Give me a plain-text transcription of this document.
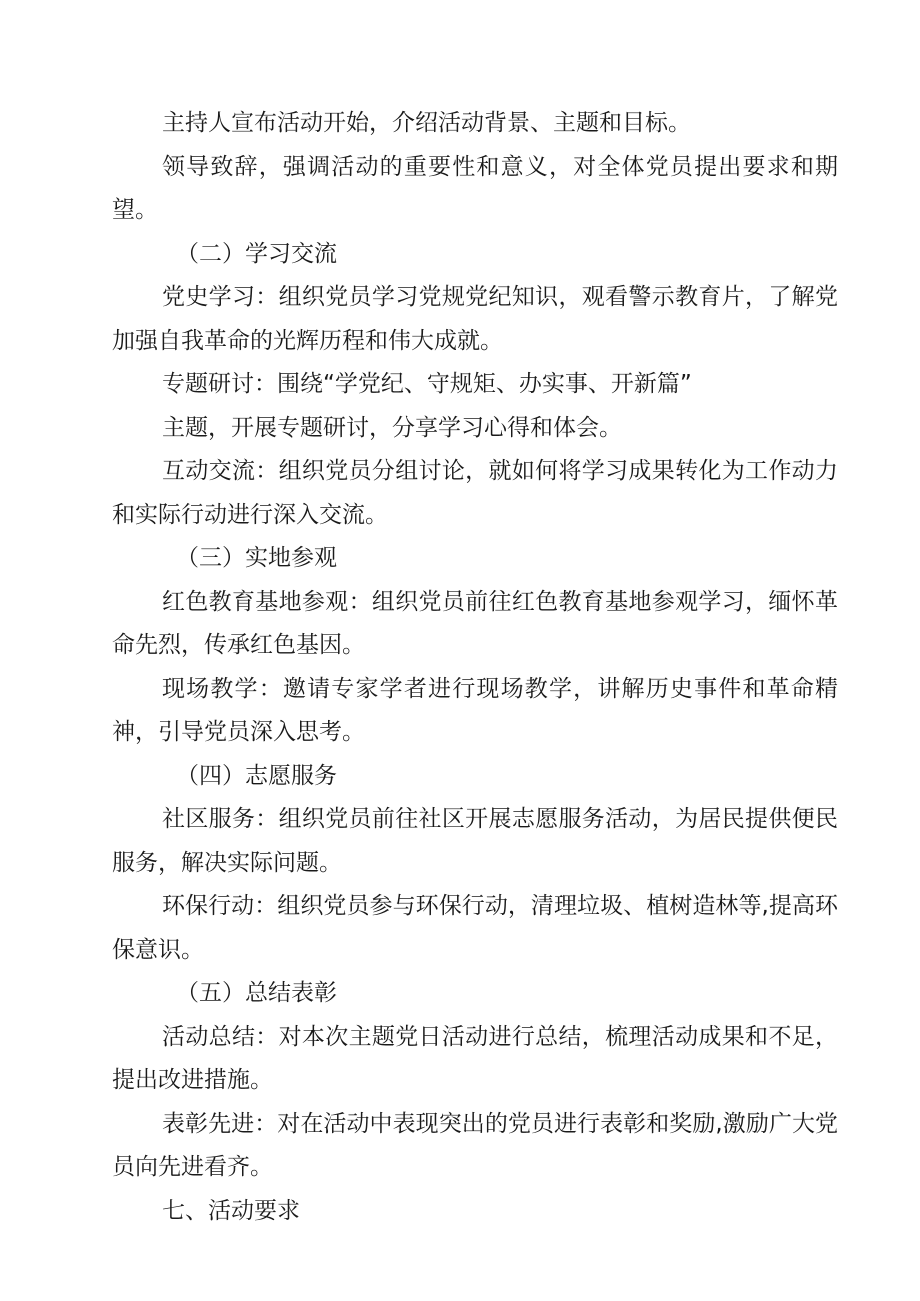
主持人宣布活动开始，介绍活动背景、主题和目标。

领导致辞，强调活动的重要性和意义，对全体党员提出要求和期望。

（二）学习交流

党史学习：组织党员学习党规党纪知识，观看警示教育片，了解党加强自我革命的光辉历程和伟大成就。

专题研讨：围绕“学党纪、守规矩、办实事、开新篇”

主题，开展专题研讨，分享学习心得和体会。

互动交流：组织党员分组讨论，就如何将学习成果转化为工作动力和实际行动进行深入交流。

（三）实地参观

红色教育基地参观：组织党员前往红色教育基地参观学习，缅怀革命先烈，传承红色基因。

现场教学：邀请专家学者进行现场教学，讲解历史事件和革命精神，引导党员深入思考。

（四）志愿服务

社区服务：组织党员前往社区开展志愿服务活动，为居民提供便民服务，解决实际问题。

环保行动：组织党员参与环保行动，清理垃圾、植树造林等,提高环保意识。

（五）总结表彰

活动总结：对本次主题党日活动进行总结，梳理活动成果和不足，提出改进措施。

表彰先进：对在活动中表现突出的党员进行表彰和奖励,激励广大党员向先进看齐。

七、活动要求
